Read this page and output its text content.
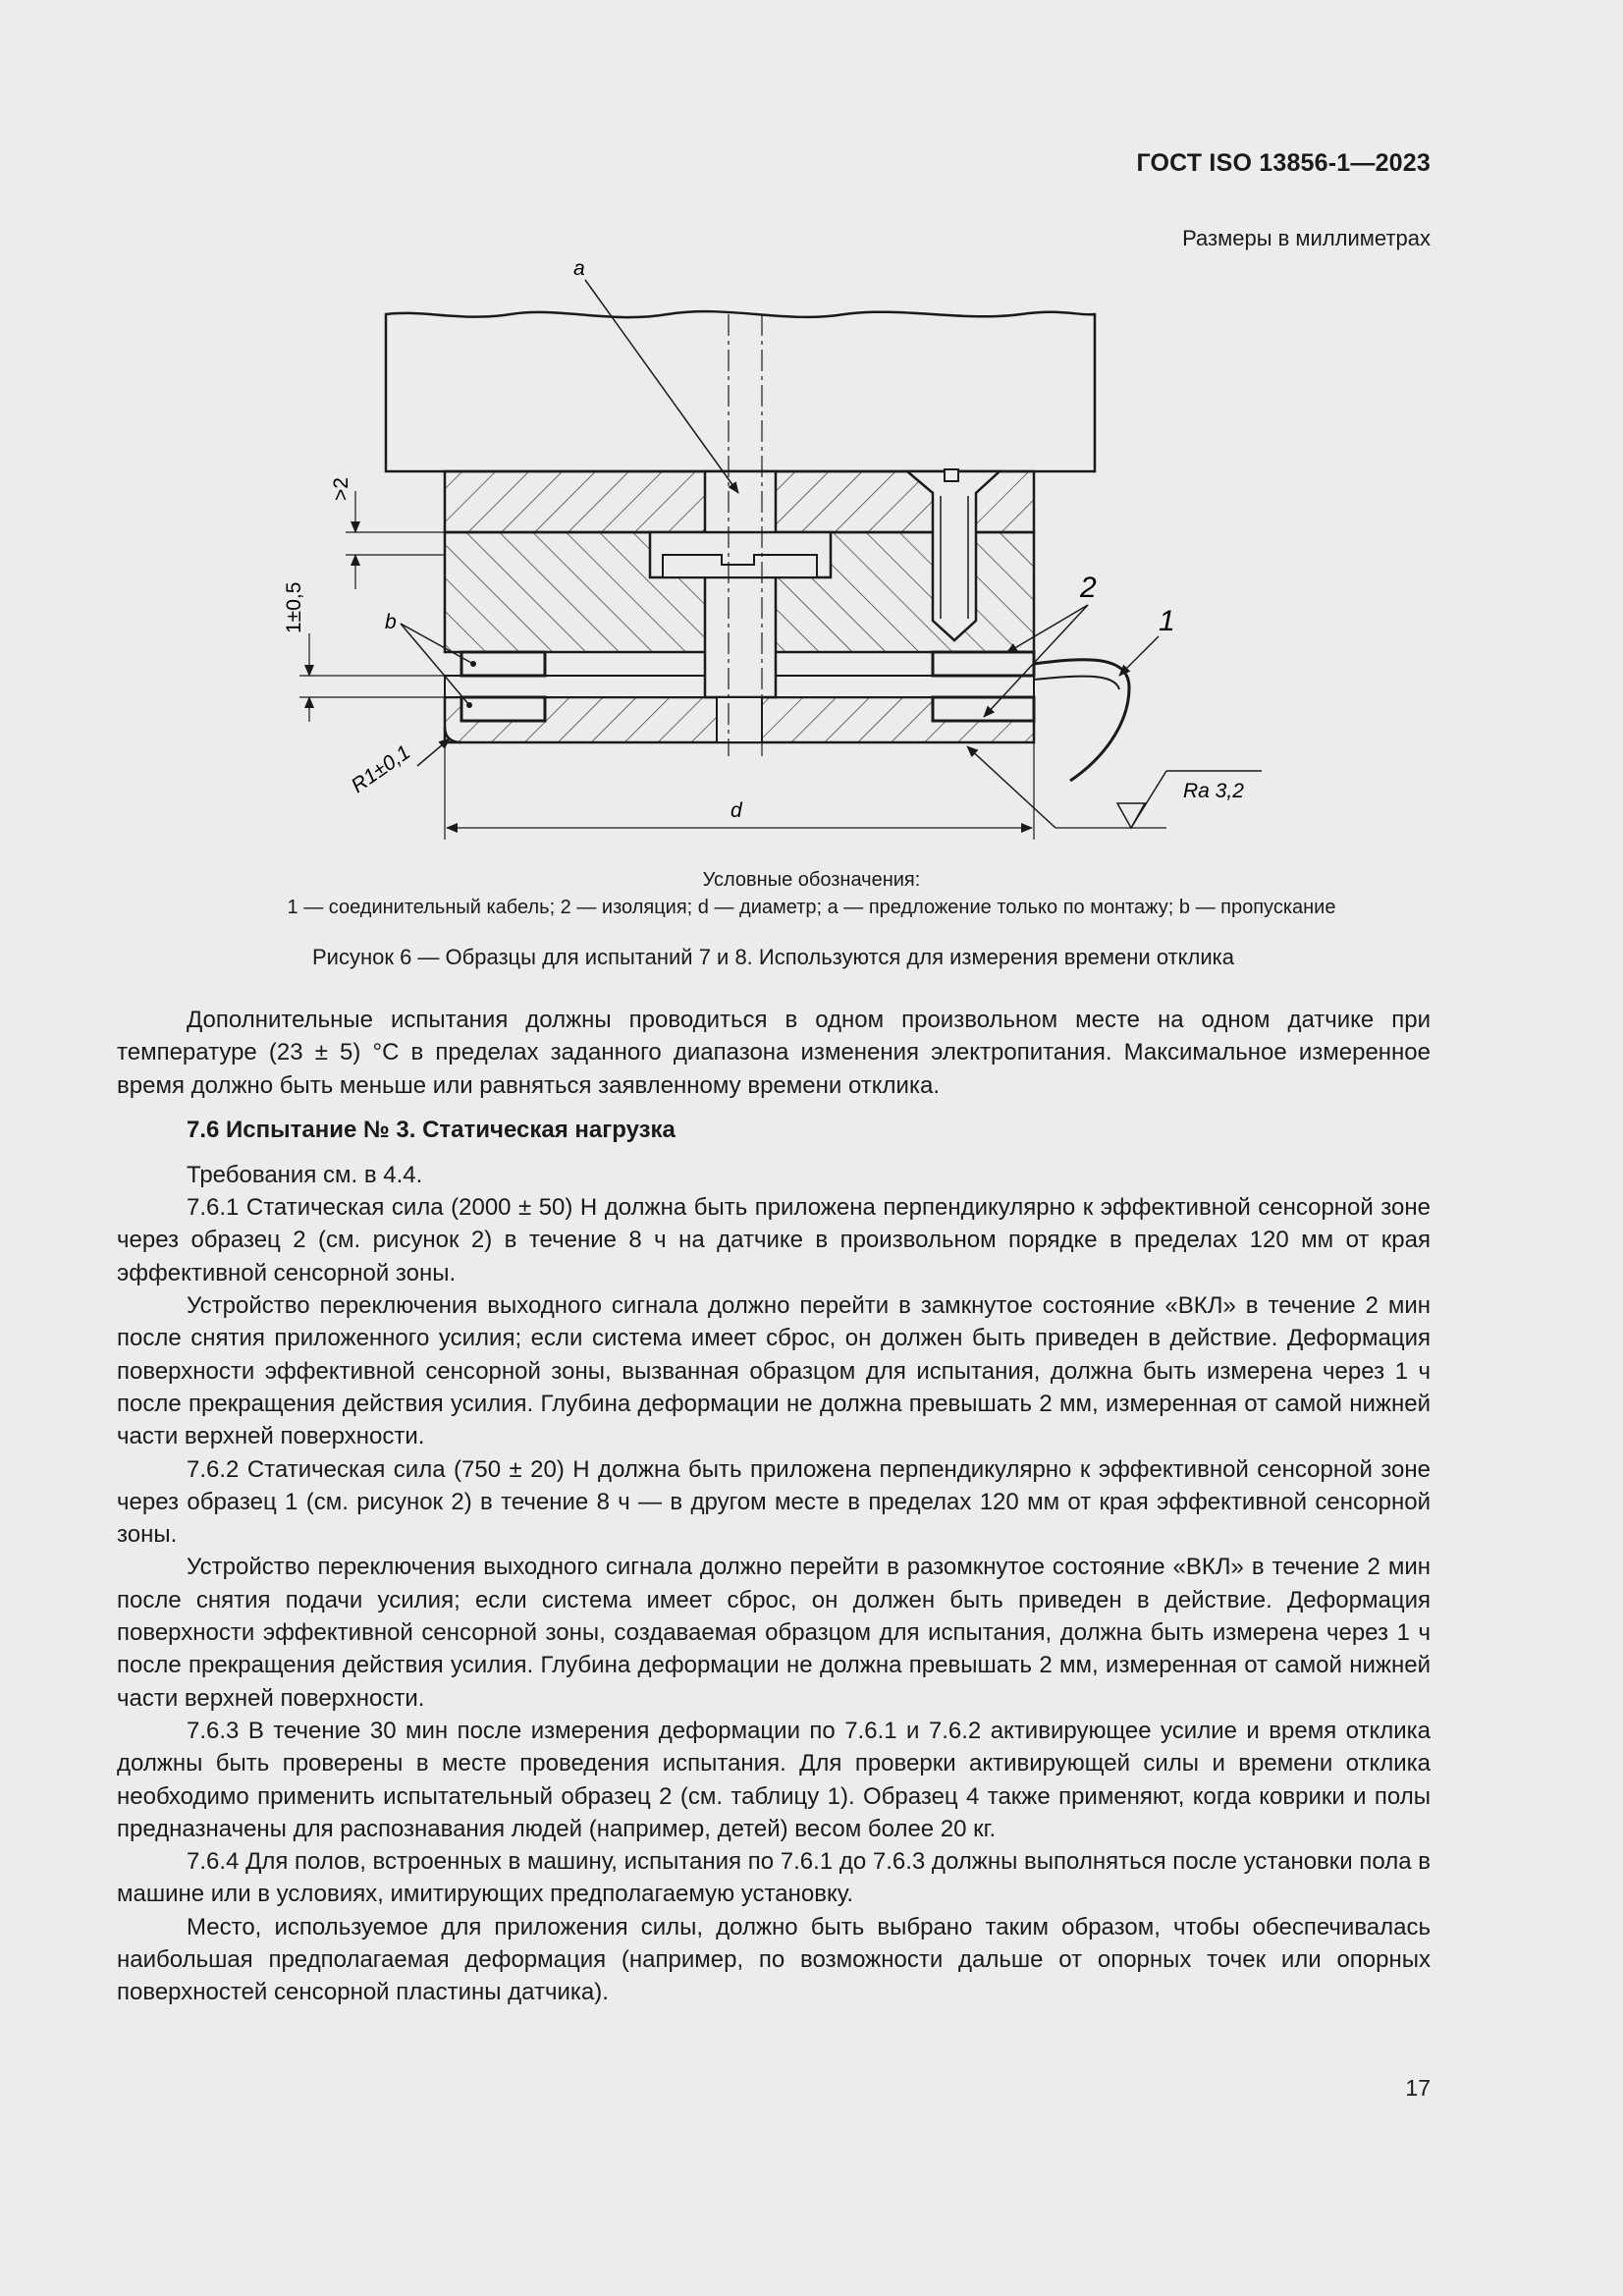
ГОСТ ISO 13856-1—2023
Размеры в миллиметрах
a
b
>2
1±0,5
R1±0,1
d
2
1
Ra 3,2
Условные обозначения:
1 — соединительный кабель; 2 — изоляция; d — диаметр; a — предложение только по монтажу; b — пропускание
Рисунок 6 — Образцы для испытаний 7 и 8. Используются для измерения времени отклика

Дополнительные испытания должны проводиться в одном произвольном месте на одном датчике при температуре (23 ± 5) °С в пределах заданного диапазона изменения электропитания. Максимальное измеренное время должно быть меньше или равняться заявленному времени отклика.

7.6 Испытание № 3. Статическая нагрузка

Требования см. в 4.4.

7.6.1 Статическая сила (2000 ± 50) Н должна быть приложена перпендикулярно к эффективной сенсорной зоне через образец 2 (см. рисунок 2) в течение 8 ч на датчике в произвольном порядке в пределах 120 мм от края эффективной сенсорной зоны.

Устройство переключения выходного сигнала должно перейти в замкнутое состояние «ВКЛ» в течение 2 мин после снятия приложенного усилия; если система имеет сброс, он должен быть приведен в действие. Деформация поверхности эффективной сенсорной зоны, вызванная образцом для испытания, должна быть измерена через 1 ч после прекращения действия усилия. Глубина деформации не должна превышать 2 мм, измеренная от самой нижней части верхней поверхности.

7.6.2 Статическая сила (750 ± 20) Н должна быть приложена перпендикулярно к эффективной сенсорной зоне через образец 1 (см. рисунок 2) в течение 8 ч — в другом месте в пределах 120 мм от края эффективной сенсорной зоны.

Устройство переключения выходного сигнала должно перейти в разомкнутое состояние «ВКЛ» в течение 2 мин после снятия подачи усилия; если система имеет сброс, он должен быть приведен в действие. Деформация поверхности эффективной сенсорной зоны, создаваемая образцом для испытания, должна быть измерена через 1 ч после прекращения действия усилия. Глубина деформации не должна превышать 2 мм, измеренная от самой нижней части верхней поверхности.

7.6.3 В течение 30 мин после измерения деформации по 7.6.1 и 7.6.2 активирующее усилие и время отклика должны быть проверены в месте проведения испытания. Для проверки активирующей силы и времени отклика необходимо применить испытательный образец 2 (см. таблицу 1). Образец 4 также применяют, когда коврики и полы предназначены для распознавания людей (например, детей) весом более 20 кг.

7.6.4 Для полов, встроенных в машину, испытания по 7.6.1 до 7.6.3 должны выполняться после установки пола в машине или в условиях, имитирующих предполагаемую установку.

Место, используемое для приложения силы, должно быть выбрано таким образом, чтобы обеспечивалась наибольшая предполагаемая деформация (например, по возможности дальше от опорных точек или опорных поверхностей сенсорной пластины датчика).

17
